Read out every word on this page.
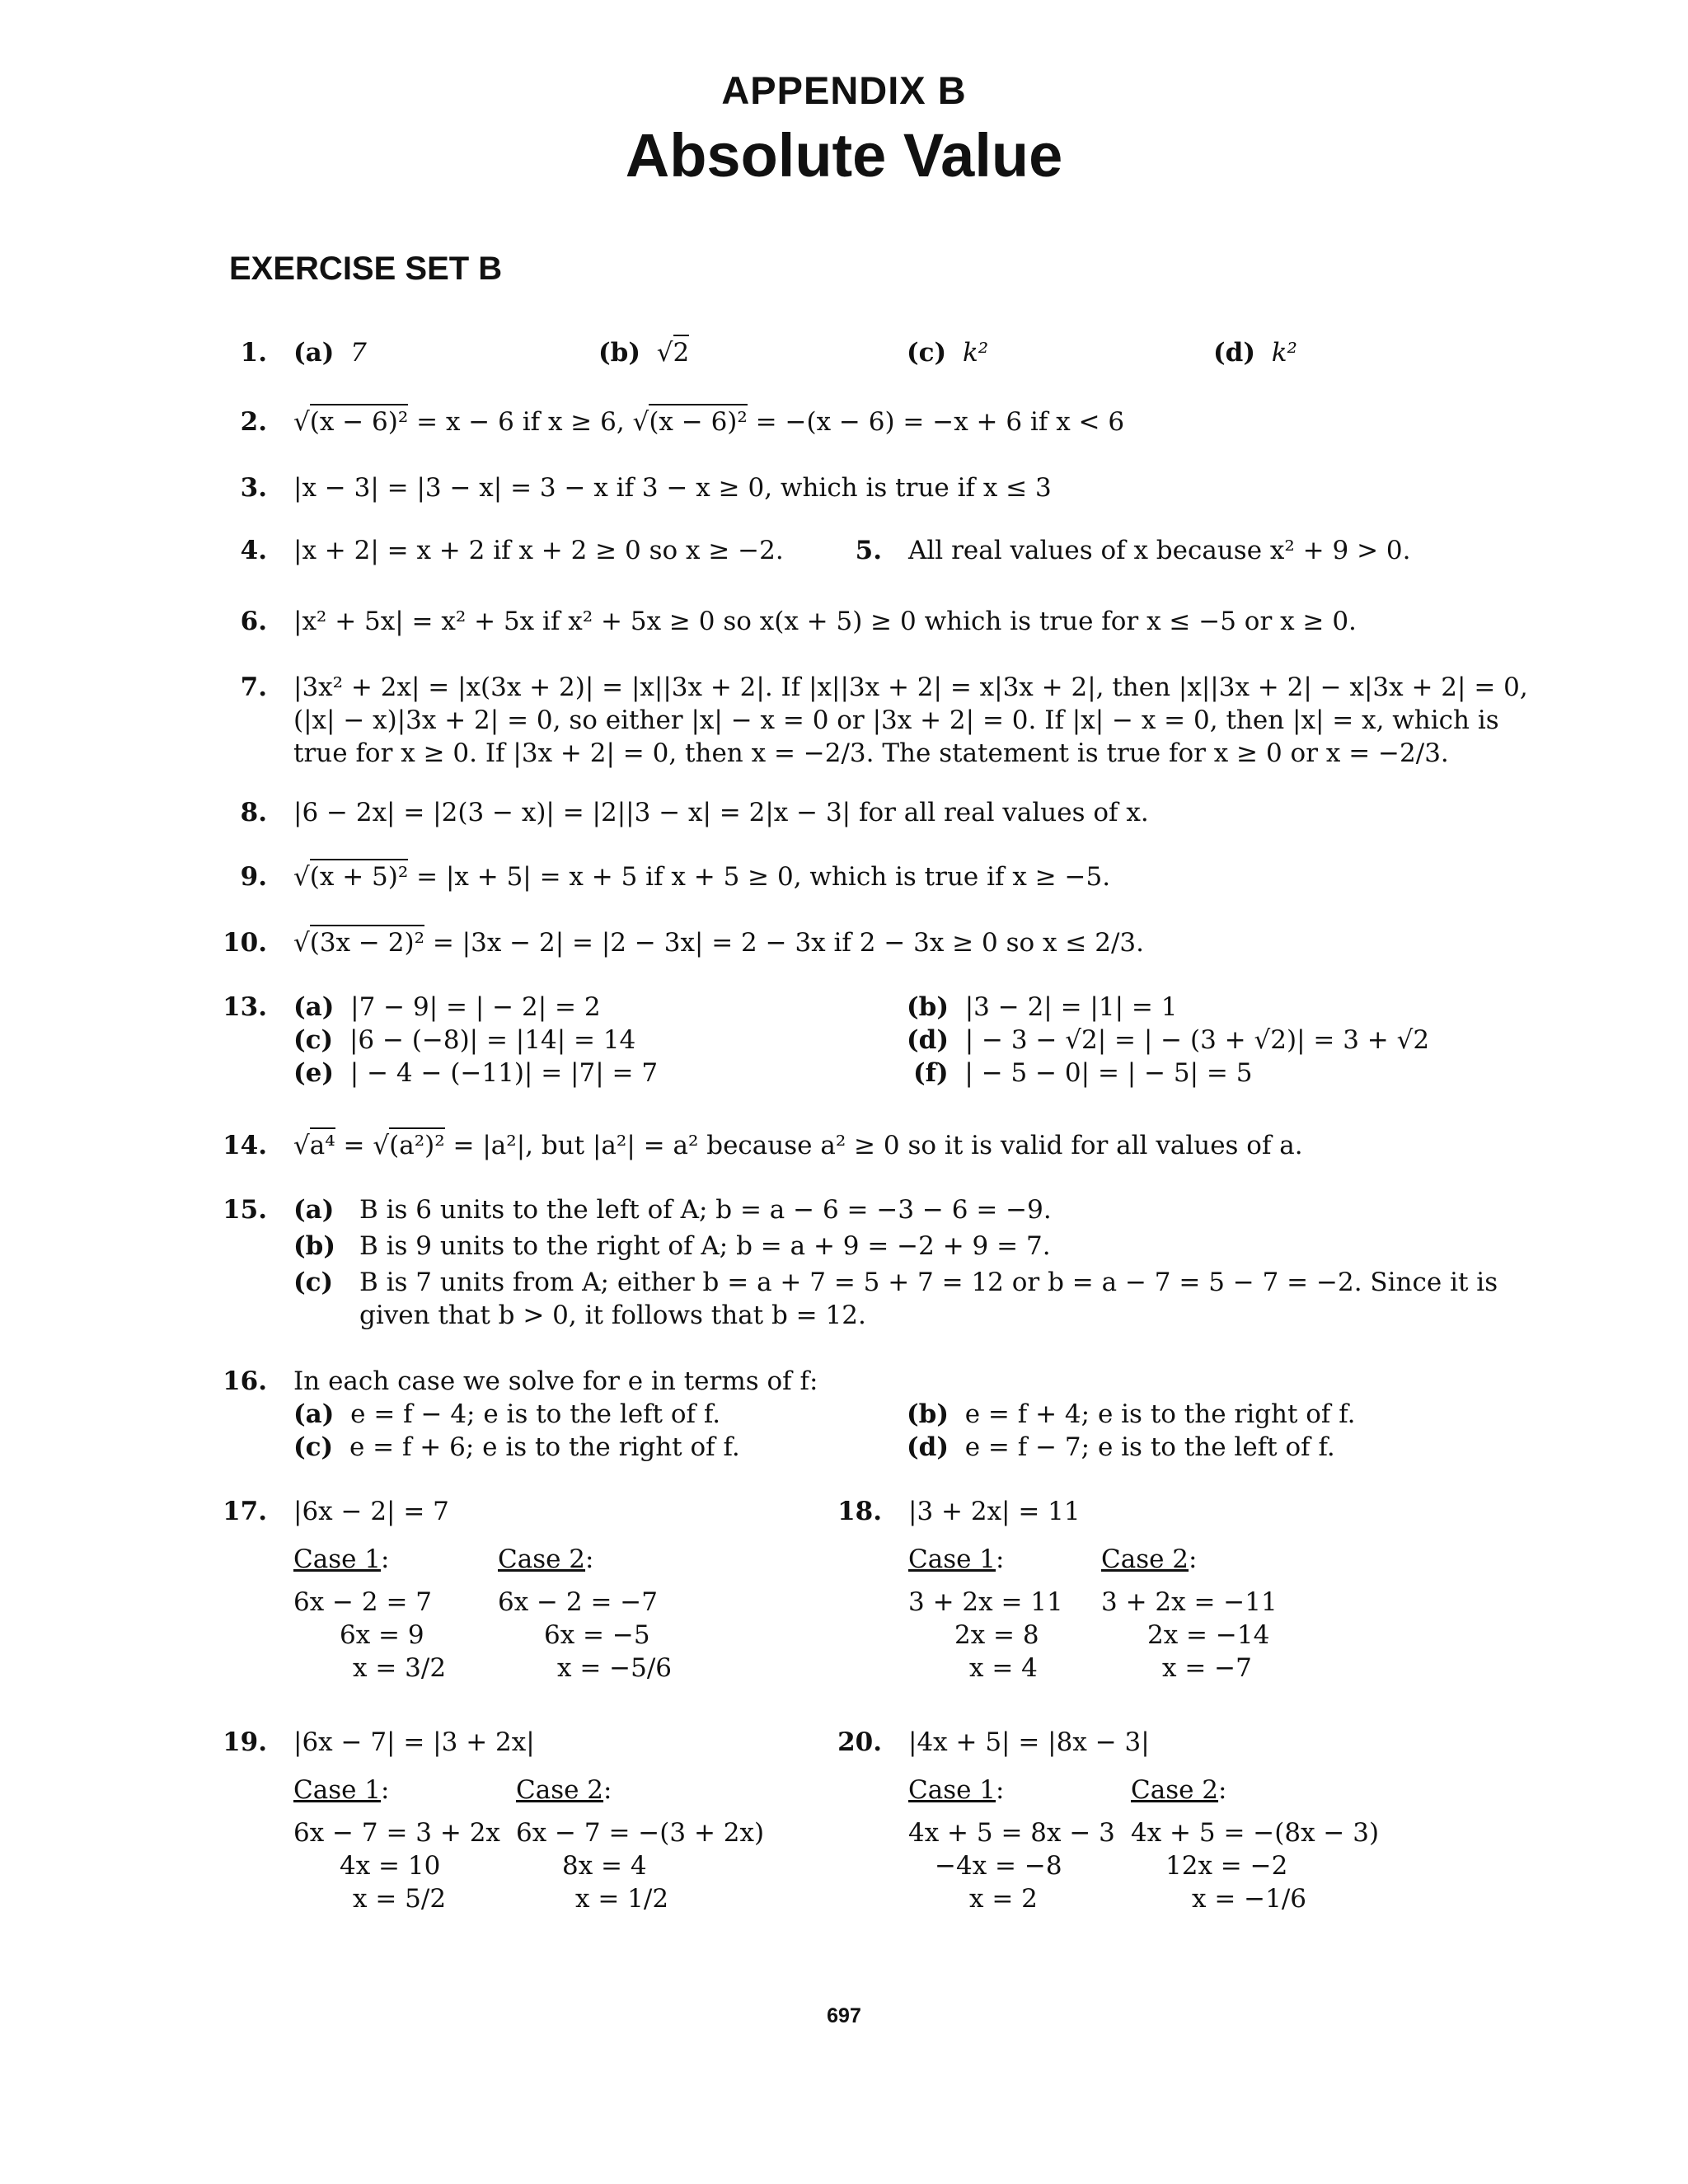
APPENDIX B
Absolute Value
EXERCISE SET B
1. (a) 7	(b) √2	(c) k²	(d) k²
2. √(x − 6)² = x − 6 if x ≥ 6, √(x − 6)² = −(x − 6) = −x + 6 if x < 6
3. |x − 3| = |3 − x| = 3 − x if 3 − x ≥ 0, which is true if x ≤ 3
4. |x + 2| = x + 2 if x + 2 ≥ 0 so x ≥ −2.	5. All real values of x because x² + 9 > 0.
6. |x² + 5x| = x² + 5x if x² + 5x ≥ 0 so x(x + 5) ≥ 0 which is true for x ≤ −5 or x ≥ 0.
7. |3x² + 2x| = |x(3x + 2)| = |x||3x + 2|. If |x||3x + 2| = x|3x + 2|, then |x||3x + 2| − x|3x + 2| = 0,
(|x| − x)|3x + 2| = 0, so either |x| − x = 0 or |3x + 2| = 0. If |x| − x = 0, then |x| = x, which is
true for x ≥ 0. If |3x + 2| = 0, then x = −2/3. The statement is true for x ≥ 0 or x = −2/3.
8. |6 − 2x| = |2(3 − x)| = |2||3 − x| = 2|x − 3| for all real values of x.
9. √(x + 5)² = |x + 5| = x + 5 if x + 5 ≥ 0, which is true if x ≥ −5.
10. √(3x − 2)² = |3x − 2| = |2 − 3x| = 2 − 3x if 2 − 3x ≥ 0 so x ≤ 2/3.
13. (a) |7 − 9| = | − 2| = 2	(b) |3 − 2| = |1| = 1
(c) |6 − (−8)| = |14| = 14	(d) | − 3 − √2| = | − (3 + √2)| = 3 + √2
(e) | − 4 − (−11)| = |7| = 7	(f) | − 5 − 0| = | − 5| = 5
14. √a⁴ = √(a²)² = |a²|, but |a²| = a² because a² ≥ 0 so it is valid for all values of a.
15. (a) B is 6 units to the left of A; b = a − 6 = −3 − 6 = −9.
(b) B is 9 units to the right of A; b = a + 9 = −2 + 9 = 7.
(c) B is 7 units from A; either b = a + 7 = 5 + 7 = 12 or b = a − 7 = 5 − 7 = −2. Since it is
given that b > 0, it follows that b = 12.
16. In each case we solve for e in terms of f:
(a) e = f − 4; e is to the left of f.	(b) e = f + 4; e is to the right of f.
(c) e = f + 6; e is to the right of f.	(d) e = f − 7; e is to the left of f.
17. |6x − 2| = 7
Case 1:
6x − 2 = 7
6x = 9
x = 3/2
Case 2:
6x − 2 = −7
6x = −5
x = −5/6
18. |3 + 2x| = 11
Case 1:
3 + 2x = 11
2x = 8
x = 4
Case 2:
3 + 2x = −11
2x = −14
x = −7
19. |6x − 7| = |3 + 2x|
Case 1:
6x − 7 = 3 + 2x
4x = 10
x = 5/2
Case 2:
6x − 7 = −(3 + 2x)
8x = 4
x = 1/2
20. |4x + 5| = |8x − 3|
Case 1:
4x + 5 = 8x − 3
−4x = −8
x = 2
Case 2:
4x + 5 = −(8x − 3)
12x = −2
x = −1/6
697
